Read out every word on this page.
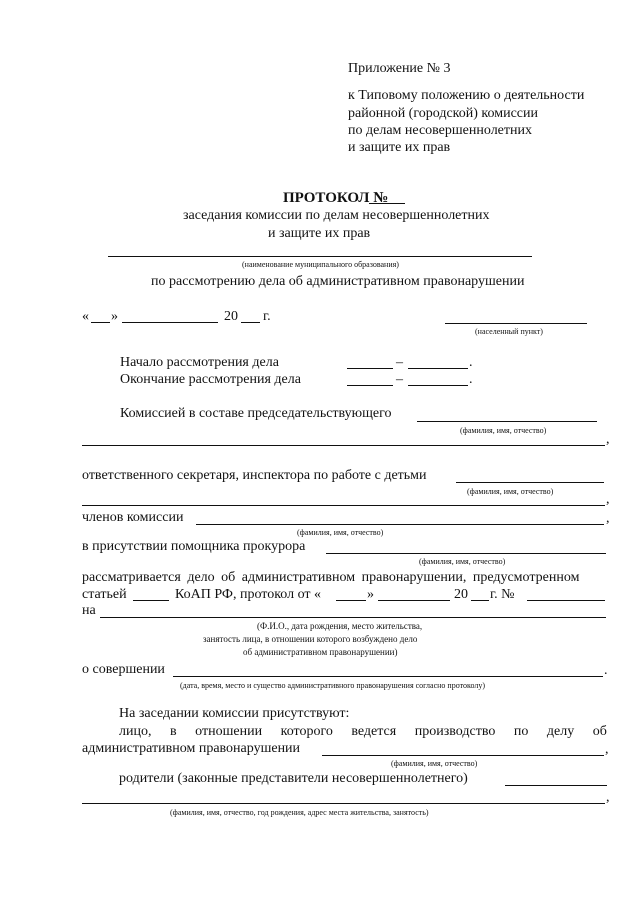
Приложение № 3
к Типовому положению о деятельности
районной (городской) комиссии
по делам несовершеннолетних
и защите их прав
ПРОТОКОЛ №
заседания комиссии по делам несовершеннолетних
и защите их прав
(наименование муниципального образования)
по рассмотрению дела об административном правонарушении
« »	20 г.
(населенный пункт)
Начало рассмотрения дела	–	.
Окончание рассмотрения дела	–	.
Комиссией в составе председательствующего
(фамилия, имя, отчество)
,
ответственного секретаря, инспектора по работе с детьми
(фамилия, имя, отчество)
,
членов комиссии	,
(фамилия, имя, отчество)
в присутствии помощника прокурора
(фамилия, имя, отчество)
рассматривается дело об административном правонарушении, предусмотренном
статьей	КоАП РФ, протокол от «	»	20 г. №
на
(Ф.И.О., дата рождения, место жительства,
занятость лица, в отношении которого возбуждено дело
об административном правонарушении)
о совершении	.
(дата, время, место и существо административного правонарушения согласно протоколу)
На заседании комиссии присутствуют:
лицо, в отношении которого ведется производство по делу об
административном правонарушении	,
(фамилия, имя, отчество)
родители (законные представители несовершеннолетнего)
,
(фамилия, имя, отчество, год рождения, адрес места жительства, занятость)
